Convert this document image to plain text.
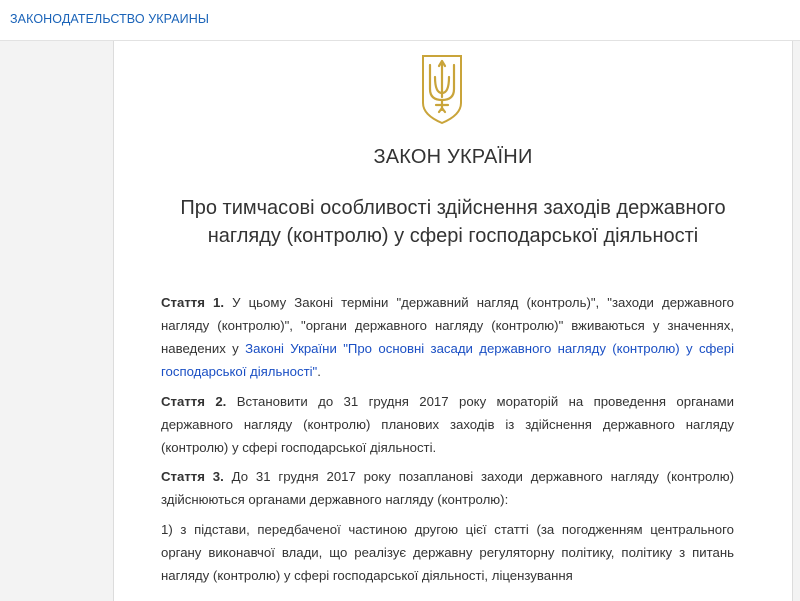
ЗАКОНОДАТЕЛЬСТВО УКРАИНЫ
ЗАКОН УКРАЇНИ
Про тимчасові особливості здійснення заходів державного нагляду (контролю) у сфері господарської діяльності

Стаття 1. У цьому Законі терміни "державний нагляд (контроль)", "заходи державного нагляду (контролю)", "органи державного нагляду (контролю)" вживаються у значеннях, наведених у Законі України "Про основні засади державного нагляду (контролю) у сфері господарської діяльності".

Стаття 2. Встановити до 31 грудня 2017 року мораторій на проведення органами державного нагляду (контролю) планових заходів із здійснення державного нагляду (контролю) у сфері господарської діяльності.

Стаття 3. До 31 грудня 2017 року позапланові заходи державного нагляду (контролю) здійснюються органами державного нагляду (контролю):

1) з підстави, передбаченої частиною другою цієї статті (за погодженням центрального органу виконавчої влади, що реалізує державну регуляторну політику, політику з питань нагляду (контролю) у сфері господарської діяльності, ліцензування
